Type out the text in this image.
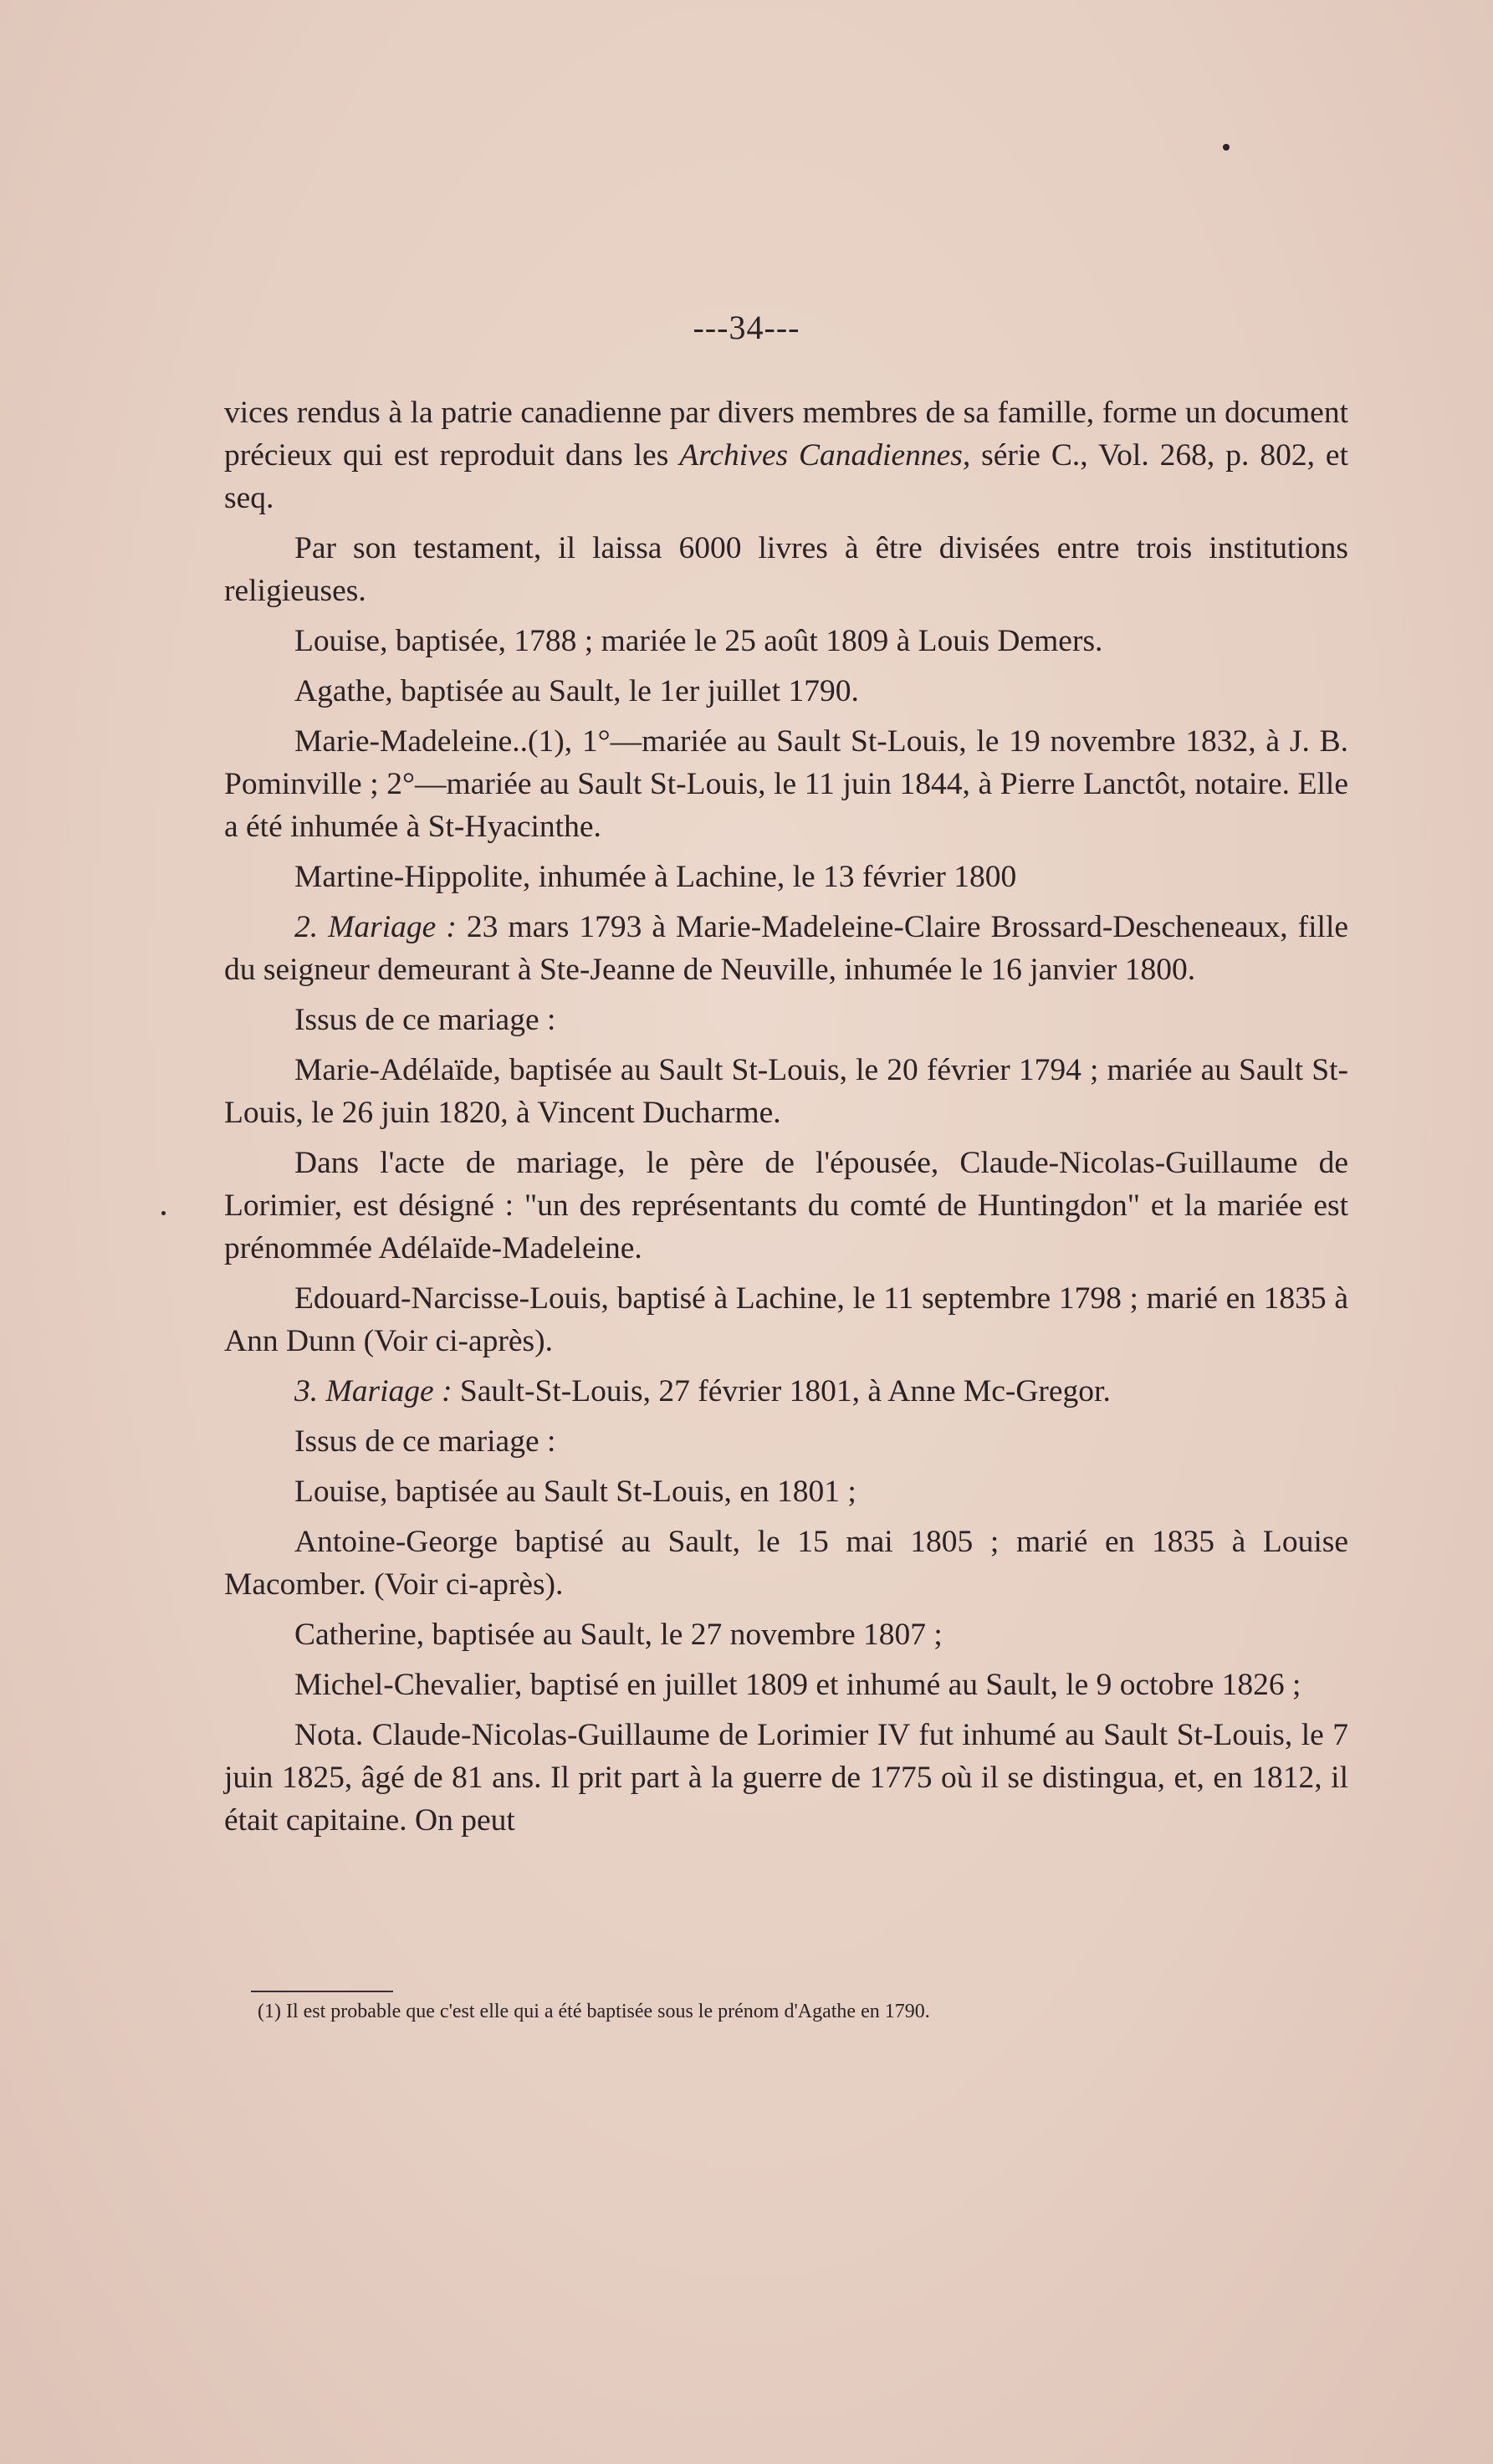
---34---

vices rendus à la patrie canadienne par divers membres de sa famille, forme un document précieux qui est reproduit dans les Archives Canadiennes, série C., Vol. 268, p. 802, et seq.

Par son testament, il laissa 6000 livres à être divisées entre trois institutions religieuses.

Louise, baptisée, 1788 ; mariée le 25 août 1809 à Louis Demers.

Agathe, baptisée au Sault, le 1er juillet 1790.

Marie-Madeleine..(1), 1°—mariée au Sault St-Louis, le 19 novembre 1832, à J. B. Pominville ; 2°—mariée au Sault St-Louis, le 11 juin 1844, à Pierre Lanctôt, notaire. Elle a été inhumée à St-Hyacinthe.

Martine-Hippolite, inhumée à Lachine, le 13 février 1800

2. Mariage : 23 mars 1793 à Marie-Madeleine-Claire Brossard-Descheneaux, fille du seigneur demeurant à Ste-Jeanne de Neuville, inhumée le 16 janvier 1800.

Issus de ce mariage :

Marie-Adélaïde, baptisée au Sault St-Louis, le 20 février 1794 ; mariée au Sault St-Louis, le 26 juin 1820, à Vincent Ducharme.

Dans l'acte de mariage, le père de l'épousée, Claude-Nicolas-Guillaume de Lorimier, est désigné : "un des représentants du comté de Huntingdon" et la mariée est prénommée Adélaïde-Madeleine.

Edouard-Narcisse-Louis, baptisé à Lachine, le 11 septembre 1798 ; marié en 1835 à Ann Dunn (Voir ci-après).

3. Mariage : Sault-St-Louis, 27 février 1801, à Anne Mc-Gregor.

Issus de ce mariage :

Louise, baptisée au Sault St-Louis, en 1801 ;

Antoine-George baptisé au Sault, le 15 mai 1805 ; marié en 1835 à Louise Macomber. (Voir ci-après).

Catherine, baptisée au Sault, le 27 novembre 1807 ;

Michel-Chevalier, baptisé en juillet 1809 et inhumé au Sault, le 9 octobre 1826 ;

Nota. Claude-Nicolas-Guillaume de Lorimier IV fut inhumé au Sault St-Louis, le 7 juin 1825, âgé de 81 ans. Il prit part à la guerre de 1775 où il se distingua, et, en 1812, il était capitaine. On peut

(1) Il est probable que c'est elle qui a été baptisée sous le prénom d'Agathe en 1790.
